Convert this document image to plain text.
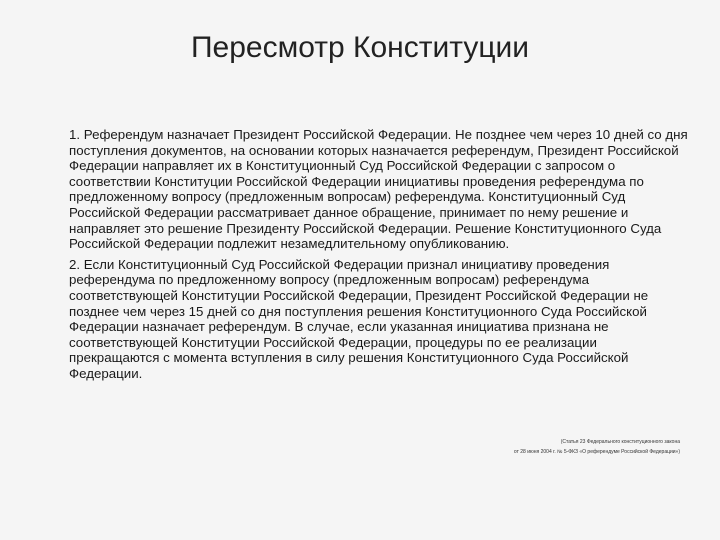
Пересмотр Конституции

1. Референдум назначает Президент Российской Федерации. Не позднее чем через 10 дней со дня поступления документов, на основании которых назначается референдум, Президент Российской Федерации направляет их в Конституционный Суд Российской Федерации с запросом о соответствии Конституции Российской Федерации инициативы проведения референдума по предложенному вопросу (предложенным вопросам) референдума. Конституционный Суд Российской Федерации рассматривает данное обращение, принимает по нему решение и направляет это решение Президенту Российской Федерации. Решение Конституционного Суда Российской Федерации подлежит незамедлительному опубликованию.

2. Если Конституционный Суд Российской Федерации признал инициативу проведения референдума по предложенному вопросу (предложенным вопросам) референдума соответствующей Конституции Российской Федерации, Президент Российской Федерации не позднее чем через 15 дней со дня поступления решения Конституционного Суда Российской Федерации назначает референдум. В случае, если указанная инициатива признана не соответствующей Конституции Российской Федерации, процедуры по ее реализации прекращаются с момента вступления в силу решения Конституционного Суда Российской Федерации.

(Статья 23 Федерального конституционного закона
от 28 июня 2004 г. № 5-ФКЗ «О референдуме Российской Федерации»)
